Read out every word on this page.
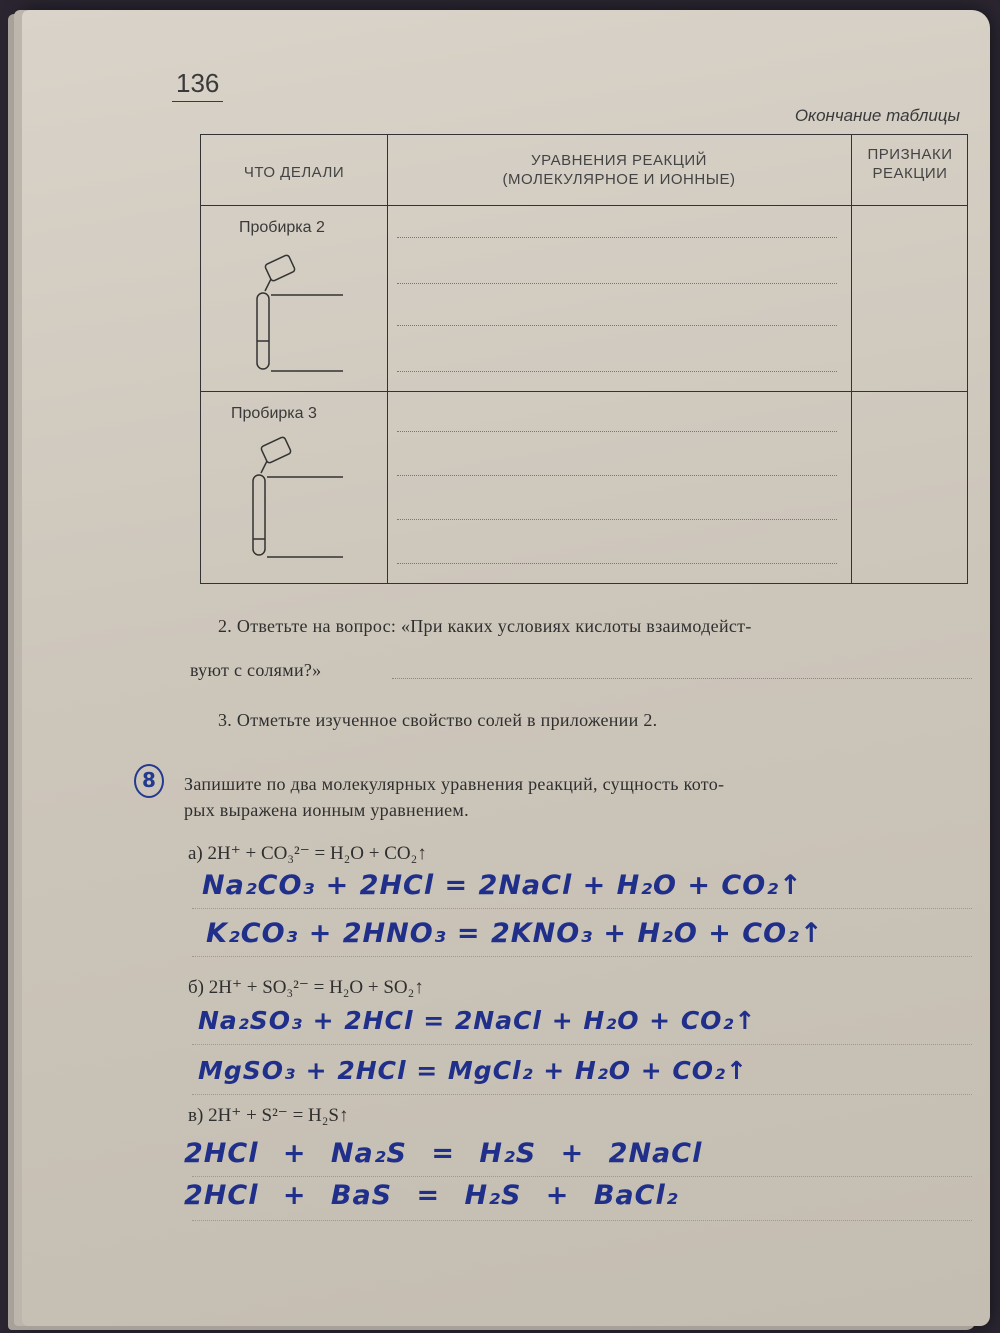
136
Окончание таблицы
ЧТО ДЕЛАЛИ
УРАВНЕНИЯ РЕАКЦИЙ
(МОЛЕКУЛЯРНОЕ И ИОННЫЕ)
ПРИЗНАКИ
РЕАКЦИИ
Пробирка 2
Пробирка 3
2. Ответьте на вопрос: «При каких условиях кислоты взаимодейст-
вуют с солями?»
3. Отметьте изученное свойство солей в приложении 2.
8	Запишите по два молекулярных уравнения реакций, сущность кото-
рых выражена ионным уравнением.
а) 2H⁺ + CO₃²⁻ = H₂O + CO₂↑
Na₂CO₃ + 2HCl = 2NaCl + H₂O + CO₂↑
K₂CO₃ + 2HNO₃ = 2KNO₃ + H₂O + CO₂↑
б) 2H⁺ + SO₃²⁻ = H₂O + SO₂↑
Na₂SO₃ + 2HCl = 2NaCl + H₂O + CO₂↑
MgSO₃ + 2HCl = MgCl₂ + H₂O + CO₂↑
в) 2H⁺ + S²⁻ = H₂S↑
2HCl + Na₂S = H₂S + 2NaCl
2HCl + BaS = H₂S + BaCl₂
